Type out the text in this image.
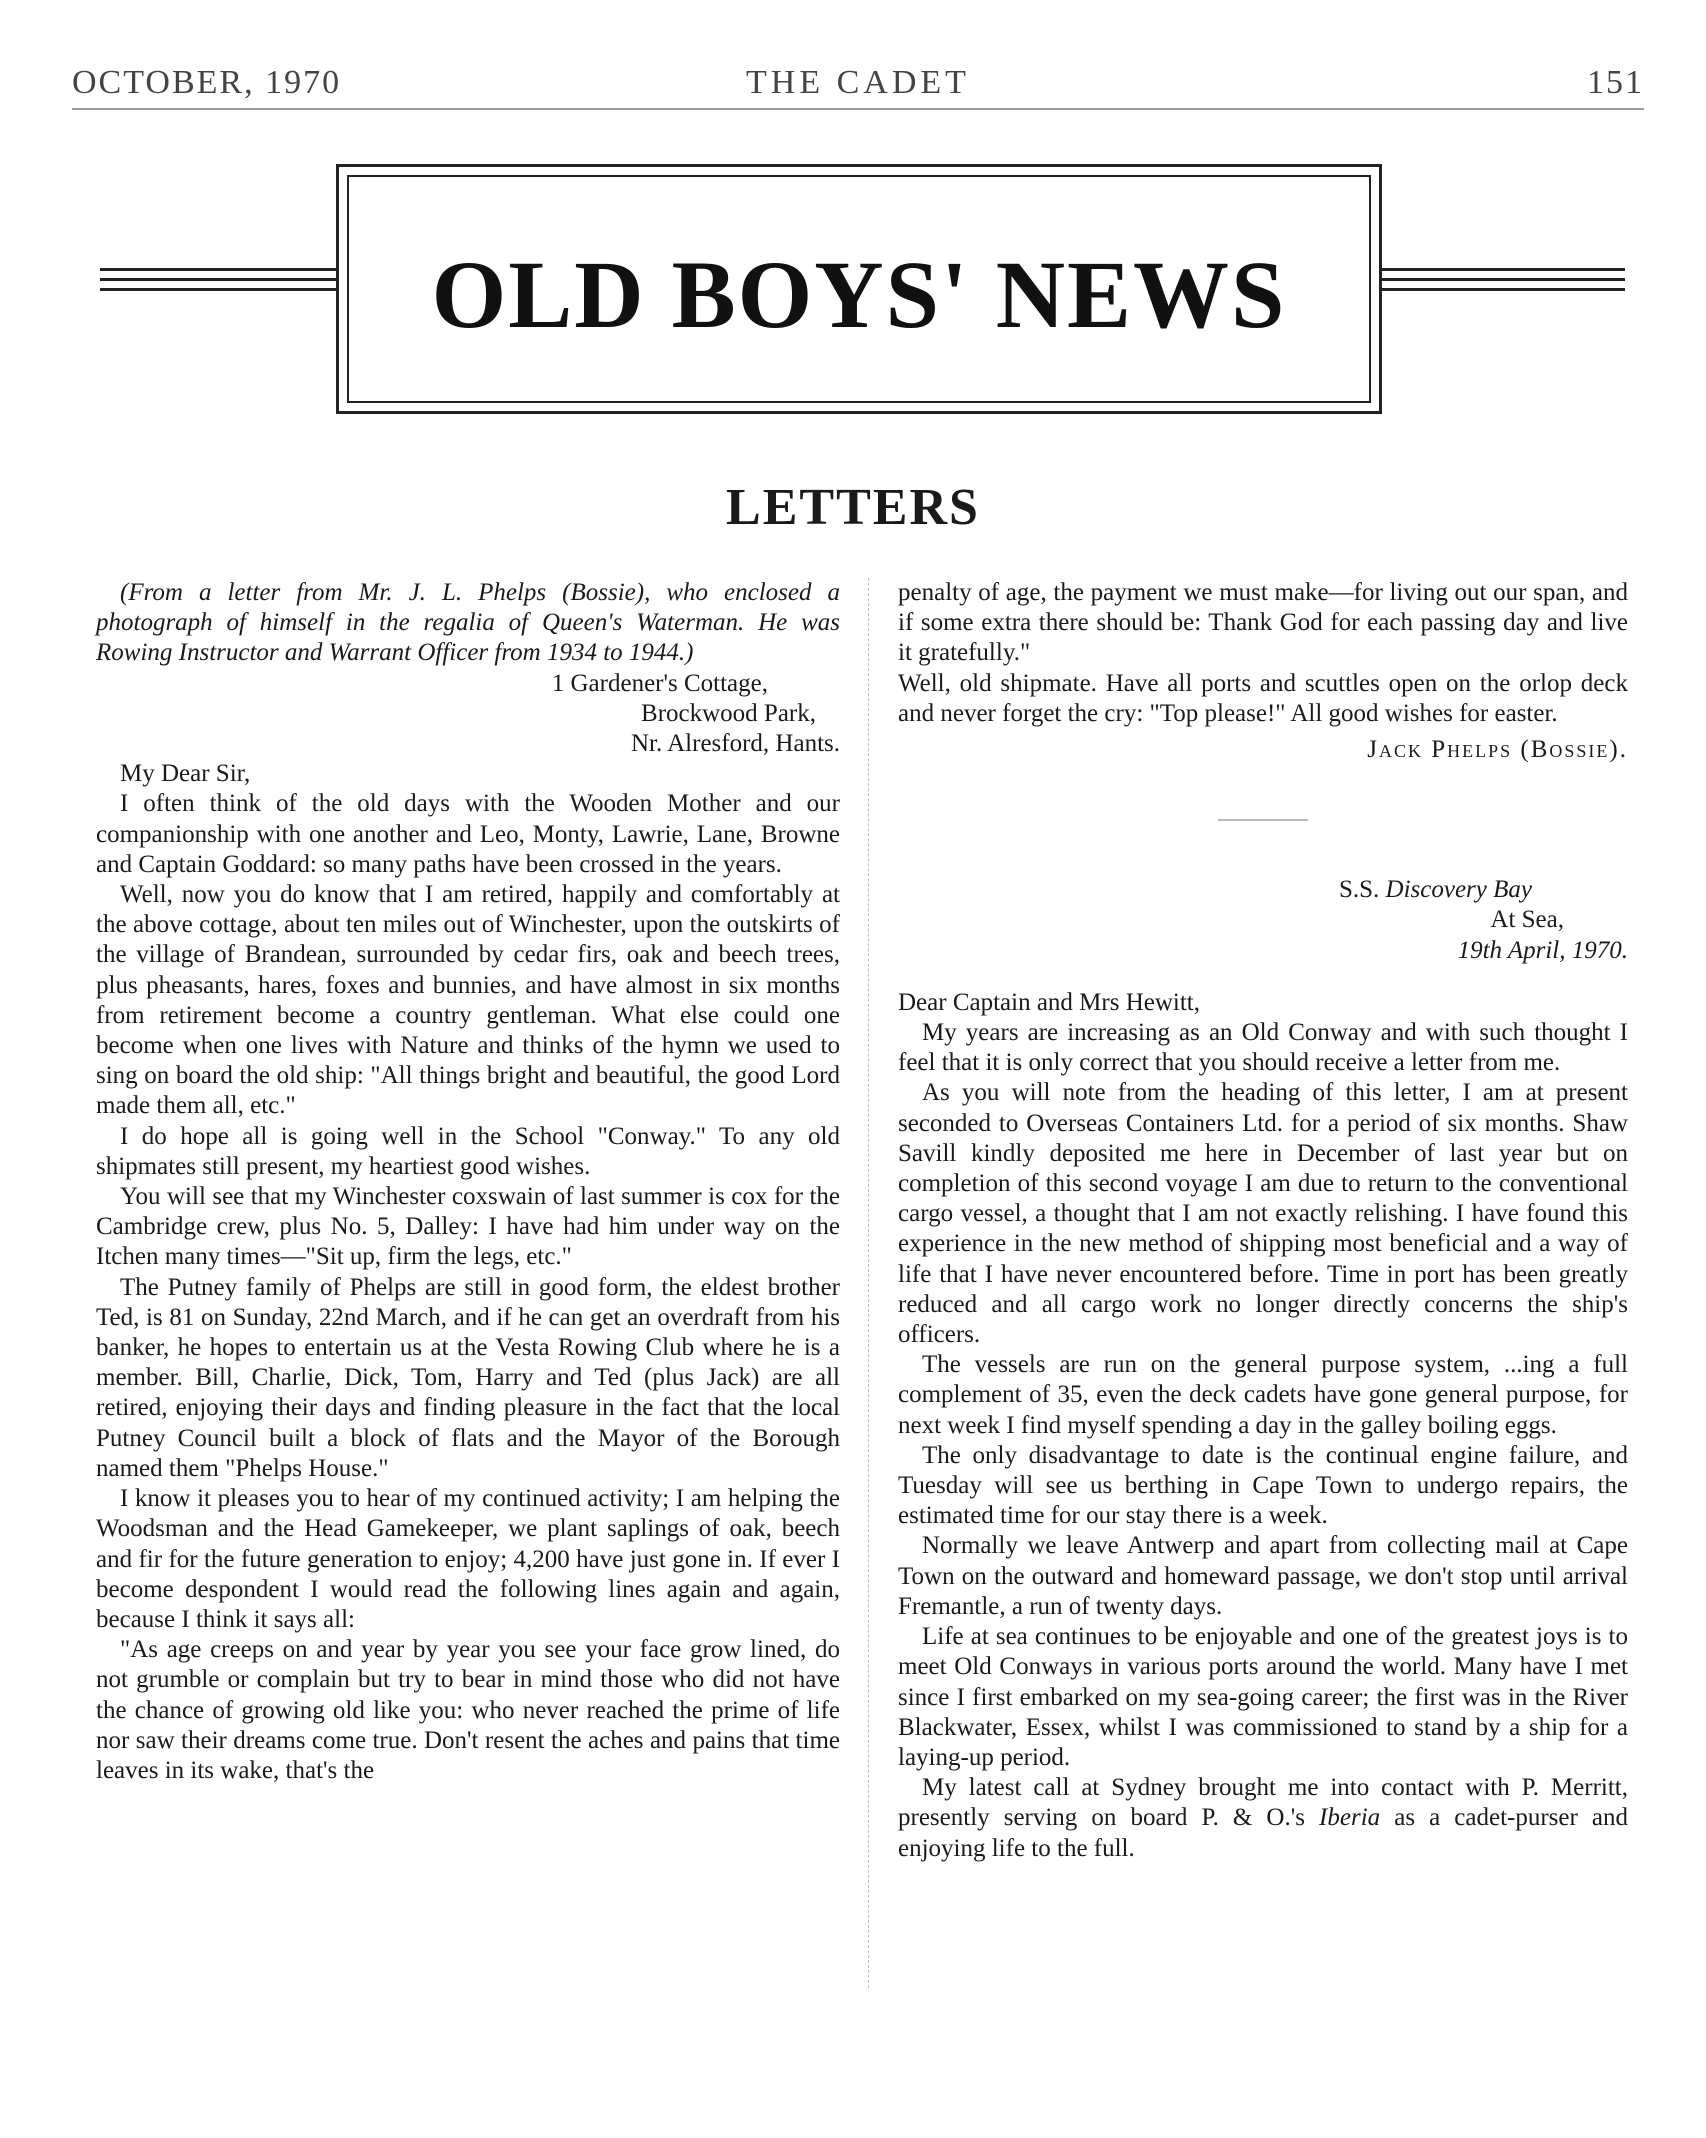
OCTOBER, 1970	THE CADET	151
OLD BOYS' NEWS
LETTERS

(From a letter from Mr. J. L. Phelps (Bossie), who enclosed a photograph of himself in the regalia of Queen's Waterman. He was Rowing Instructor and Warrant Officer from 1934 to 1944.)

1 Gardener's Cottage,
Brockwood Park,
Nr. Alresford, Hants.

My Dear Sir,

I often think of the old days with the Wooden Mother and our companionship with one another and Leo, Monty, Lawrie, Lane, Browne and Captain Goddard: so many paths have been crossed in the years.

Well, now you do know that I am retired, happily and comfortably at the above cottage, about ten miles out of Winchester, upon the outskirts of the village of Brandean, surrounded by cedar firs, oak and beech trees, plus pheasants, hares, foxes and bunnies, and have almost in six months from retirement become a country gentleman. What else could one become when one lives with Nature and thinks of the hymn we used to sing on board the old ship: "All things bright and beautiful, the good Lord made them all, etc."

I do hope all is going well in the School "Conway." To any old shipmates still present, my heartiest good wishes.

You will see that my Winchester coxswain of last summer is cox for the Cambridge crew, plus No. 5, Dalley: I have had him under way on the Itchen many times—"Sit up, firm the legs, etc."

The Putney family of Phelps are still in good form, the eldest brother Ted, is 81 on Sunday, 22nd March, and if he can get an overdraft from his banker, he hopes to entertain us at the Vesta Rowing Club where he is a member. Bill, Charlie, Dick, Tom, Harry and Ted (plus Jack) are all retired, enjoying their days and finding pleasure in the fact that the local Putney Council built a block of flats and the Mayor of the Borough named them "Phelps House."

I know it pleases you to hear of my continued activity; I am helping the Woodsman and the Head Gamekeeper, we plant saplings of oak, beech and fir for the future generation to enjoy; 4,200 have just gone in. If ever I become despondent I would read the following lines again and again, because I think it says all:

"As age creeps on and year by year you see your face grow lined, do not grumble or complain but try to bear in mind those who did not have the chance of growing old like you: who never reached the prime of life nor saw their dreams come true. Don't resent the aches and pains that time leaves in its wake, that's the

penalty of age, the payment we must make—for living out our span, and if some extra there should be: Thank God for each passing day and live it gratefully."

Well, old shipmate. Have all ports and scuttles open on the orlop deck and never forget the cry: "Top please!" All good wishes for easter.

Jack Phelps (Bossie).
S.S. Discovery Bay
At Sea,
19th April, 1970.

Dear Captain and Mrs Hewitt,

My years are increasing as an Old Conway and with such thought I feel that it is only correct that you should receive a letter from me.

As you will note from the heading of this letter, I am at present seconded to Overseas Containers Ltd. for a period of six months. Shaw Savill kindly deposited me here in December of last year but on completion of this second voyage I am due to return to the conventional cargo vessel, a thought that I am not exactly relishing. I have found this experience in the new method of shipping most beneficial and a way of life that I have never encountered before. Time in port has been greatly reduced and all cargo work no longer directly concerns the ship's officers.

The vessels are run on the general purpose system, ...ing a full complement of 35, even the deck cadets have gone general purpose, for next week I find myself spending a day in the galley boiling eggs.

The only disadvantage to date is the continual engine failure, and Tuesday will see us berthing in Cape Town to undergo repairs, the estimated time for our stay there is a week.

Normally we leave Antwerp and apart from collecting mail at Cape Town on the outward and homeward passage, we don't stop until arrival Fremantle, a run of twenty days.

Life at sea continues to be enjoyable and one of the greatest joys is to meet Old Conways in various ports around the world. Many have I met since I first embarked on my sea-going career; the first was in the River Blackwater, Essex, whilst I was commissioned to stand by a ship for a laying-up period.

My latest call at Sydney brought me into contact with P. Merritt, presently serving on board P. & O.'s Iberia as a cadet-purser and enjoying life to the full.
